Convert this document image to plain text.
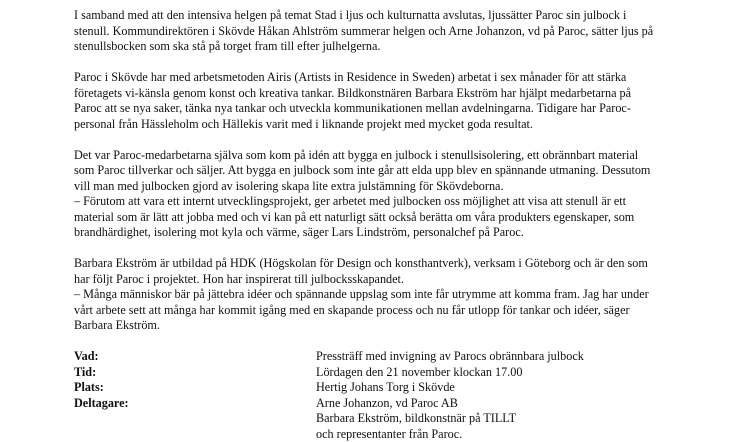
I samband med att den intensiva helgen på temat Stad i ljus och kulturnatta avslutas, ljussätter Paroc sin julbock i
stenull. Kommundirektören i Skövde Håkan Ahlström summerar helgen och Arne Johanzon, vd på Paroc, sätter ljus på
stenullsbocken som ska stå på torget fram till efter julhelgerna.

Paroc i Skövde har med arbetsmetoden Airis (Artists in Residence in Sweden) arbetat i sex månader för att stärka
företagets vi-känsla genom konst och kreativa tankar. Bildkonstnären Barbara Ekström har hjälpt medarbetarna på
Paroc att se nya saker, tänka nya tankar och utveckla kommunikationen mellan avdelningarna. Tidigare har Paroc-
personal från Hässleholm och Hällekis varit med i liknande projekt med mycket goda resultat.

Det var Paroc-medarbetarna själva som kom på idén att bygga en julbock i stenullsisolering, ett obrännbart material
som Paroc tillverkar och säljer. Att bygga en julbock som inte går att elda upp blev en spännande utmaning. Dessutom
vill man med julbocken gjord av isolering skapa lite extra julstämning för Skövdeborna.
– Förutom att vara ett internt utvecklingsprojekt, ger arbetet med julbocken oss möjlighet att visa att stenull är ett
material som är lätt att jobba med och vi kan på ett naturligt sätt också berätta om våra produkters egenskaper, som
brandhärdighet, isolering mot kyla och värme, säger Lars Lindström, personalchef på Paroc.

Barbara Ekström är utbildad på HDK (Högskolan för Design och konsthantverk), verksam i Göteborg och är den som
har följt Paroc i projektet. Hon har inspirerat till julbocksskapandet.
– Många människor bär på jättebra idéer och spännande uppslag som inte får utrymme att komma fram. Jag har under
vårt arbete sett att många har kommit igång med en skapande process och nu får utlopp för tankar och idéer, säger
Barbara Ekström.

Vad:	Pressträff med invigning av Parocs obrännbara julbock
Tid:	Lördagen den 21 november klockan 17.00
Plats:	Hertig Johans Torg i Skövde
Deltagare:	Arne Johanzon, vd Paroc AB
Barbara Ekström, bildkonstnär på TILLT
och representanter från Paroc.
